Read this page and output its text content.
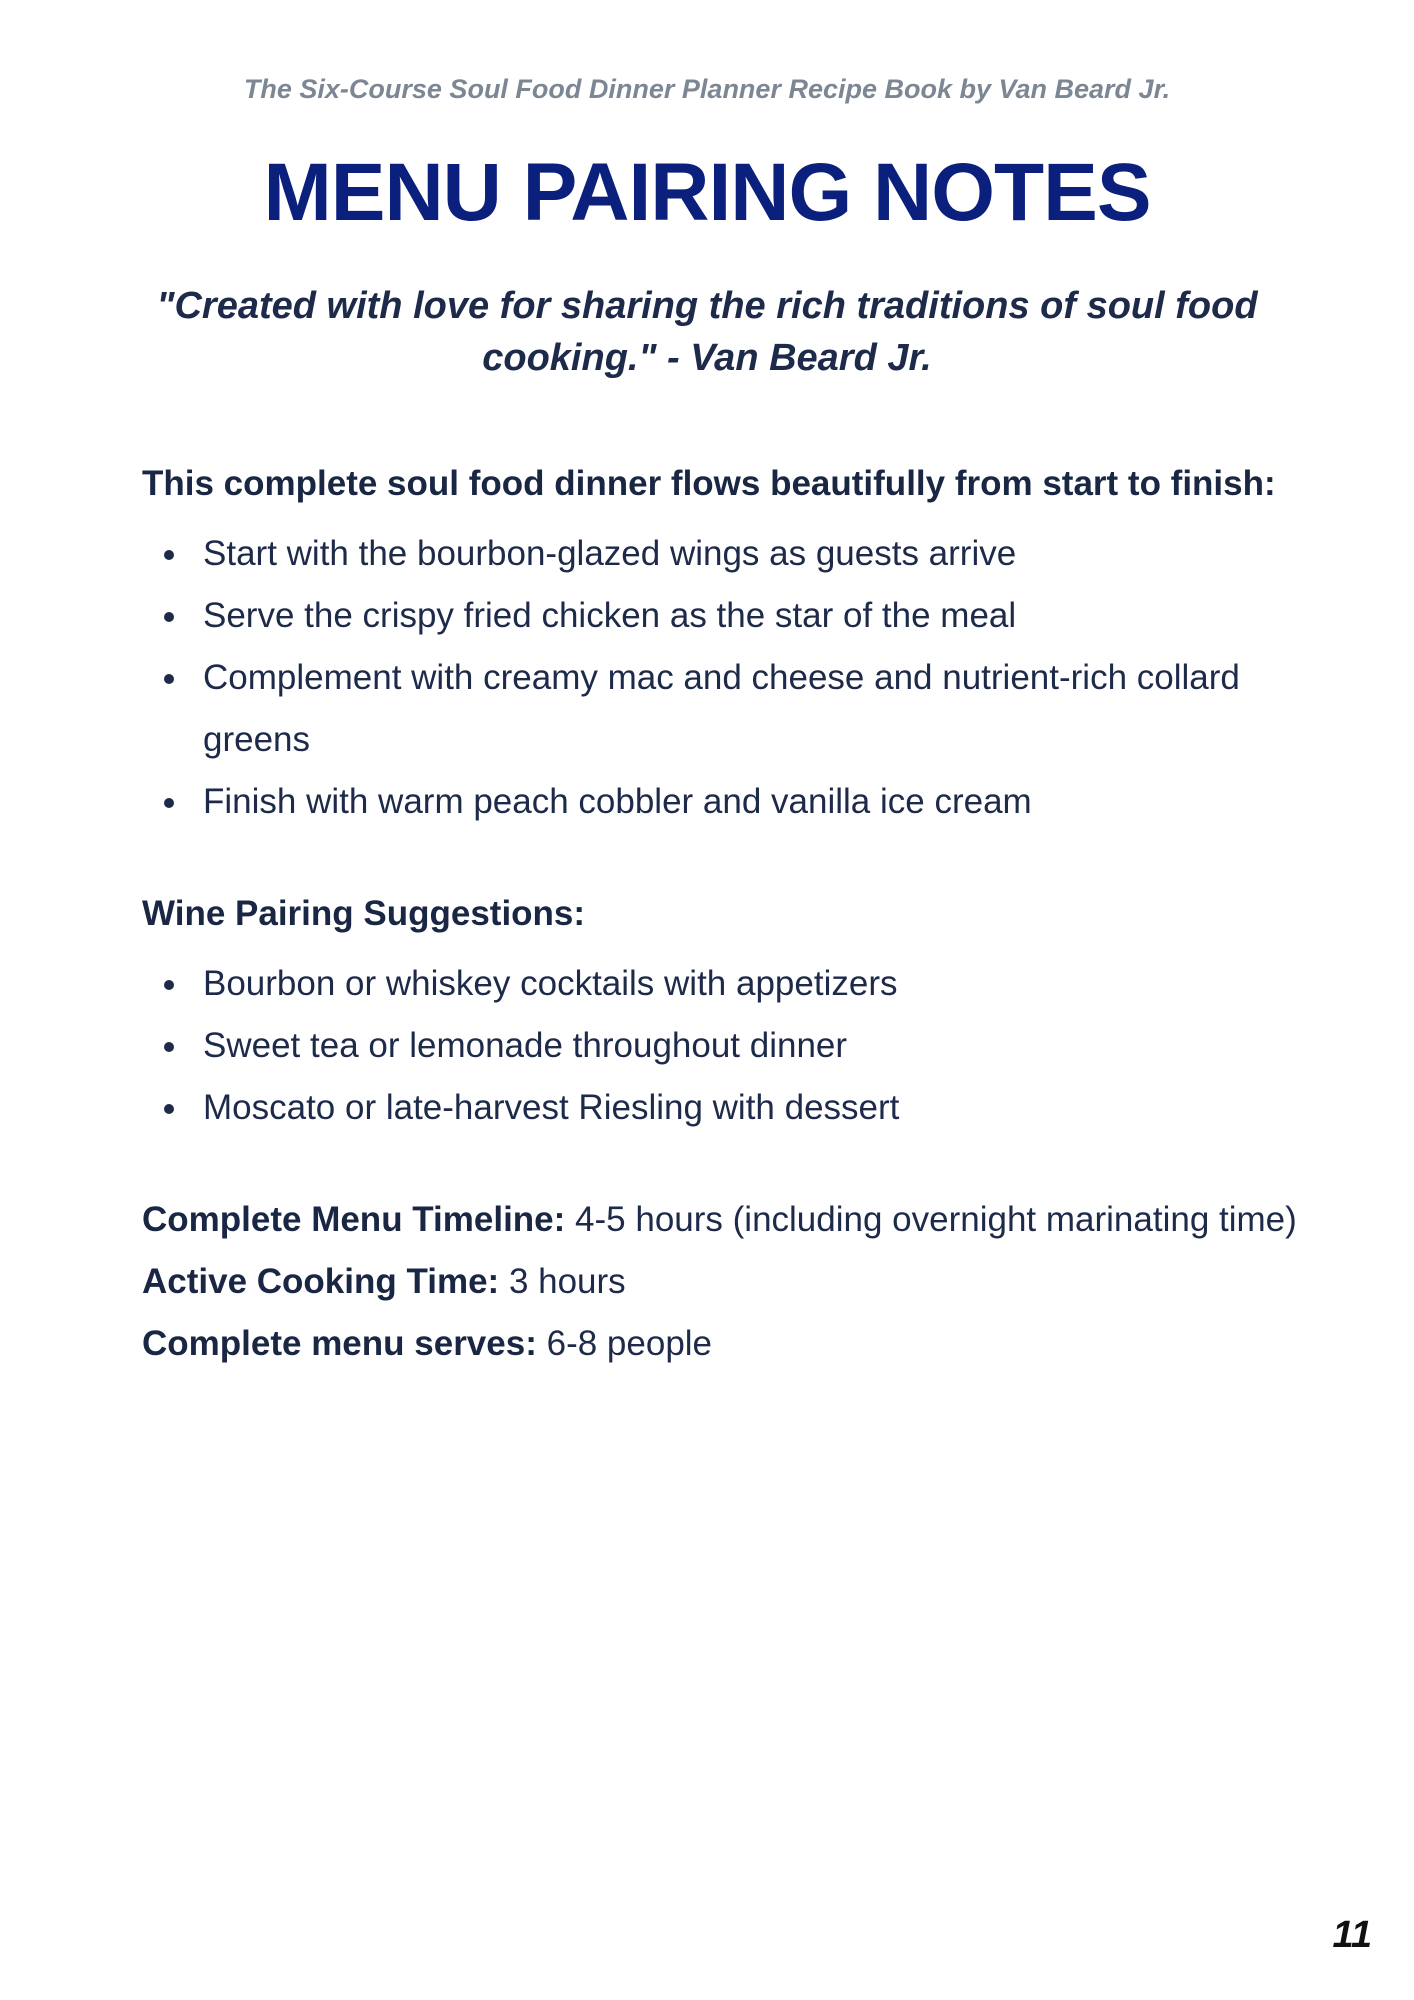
The Six-Course Soul Food Dinner Planner Recipe Book by Van Beard Jr.
MENU PAIRING NOTES

"Created with love for sharing the rich traditions of soul food cooking." - Van Beard Jr.

This complete soul food dinner flows beautifully from start to finish:

Start with the bourbon-glazed wings as guests arrive
Serve the crispy fried chicken as the star of the meal
Complement with creamy mac and cheese and nutrient-rich collard greens
Finish with warm peach cobbler and vanilla ice cream

Wine Pairing Suggestions:

Bourbon or whiskey cocktails with appetizers
Sweet tea or lemonade throughout dinner
Moscato or late-harvest Riesling with dessert

Complete Menu Timeline: 4-5 hours (including overnight marinating time)

Active Cooking Time: 3 hours

Complete menu serves: 6-8 people

11
